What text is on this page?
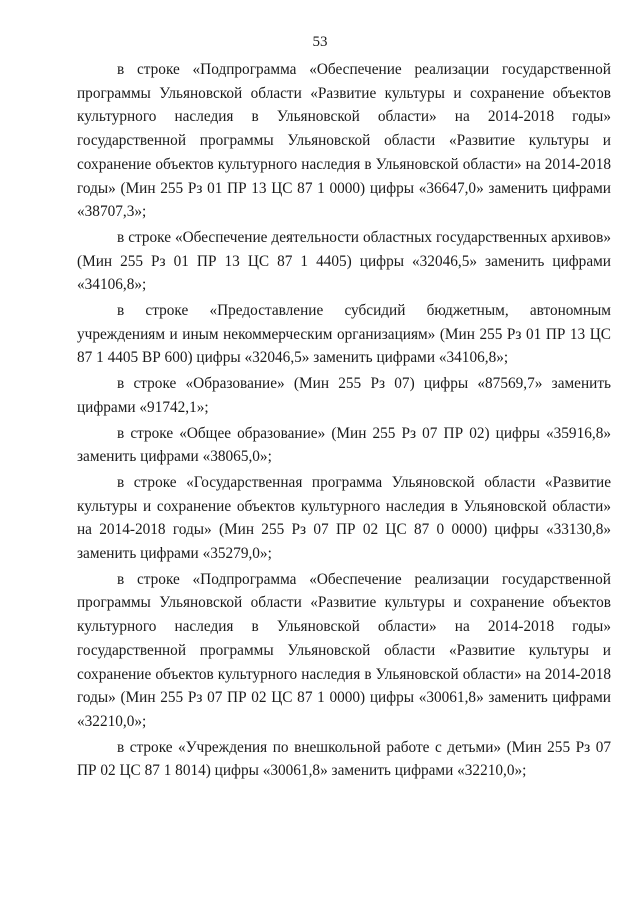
53

в строке «Подпрограмма «Обеспечение реализации государственной программы Ульяновской области «Развитие культуры и сохранение объектов культурного наследия в Ульяновской области» на 2014-2018 годы» государственной программы Ульяновской области «Развитие культуры и сохранение объектов культурного наследия в Ульяновской области» на 2014-2018 годы» (Мин 255 Рз 01 ПР 13 ЦС 87 1 0000) цифры «36647,0» заменить цифрами «38707,3»;

в строке «Обеспечение деятельности областных государственных архивов» (Мин 255 Рз 01 ПР 13 ЦС 87 1 4405) цифры «32046,5» заменить цифрами «34106,8»;

в строке «Предоставление субсидий бюджетным, автономным учреждениям и иным некоммерческим организациям» (Мин 255 Рз 01 ПР 13 ЦС 87 1 4405 ВР 600) цифры «32046,5» заменить цифрами «34106,8»;

в строке «Образование» (Мин 255 Рз 07) цифры «87569,7» заменить цифрами «91742,1»;

в строке «Общее образование» (Мин 255 Рз 07 ПР 02) цифры «35916,8» заменить цифрами «38065,0»;

в строке «Государственная программа Ульяновской области «Развитие культуры и сохранение объектов культурного наследия в Ульяновской области» на 2014-2018 годы» (Мин 255 Рз 07 ПР 02 ЦС 87 0 0000) цифры «33130,8» заменить цифрами «35279,0»;

в строке «Подпрограмма «Обеспечение реализации государственной программы Ульяновской области «Развитие культуры и сохранение объектов культурного наследия в Ульяновской области» на 2014-2018 годы» государственной программы Ульяновской области «Развитие культуры и сохранение объектов культурного наследия в Ульяновской области» на 2014-2018 годы» (Мин 255 Рз 07 ПР 02 ЦС 87 1 0000) цифры «30061,8» заменить цифрами «32210,0»;

в строке «Учреждения по внешкольной работе с детьми» (Мин 255 Рз 07 ПР 02 ЦС 87 1 8014) цифры «30061,8» заменить цифрами «32210,0»;
